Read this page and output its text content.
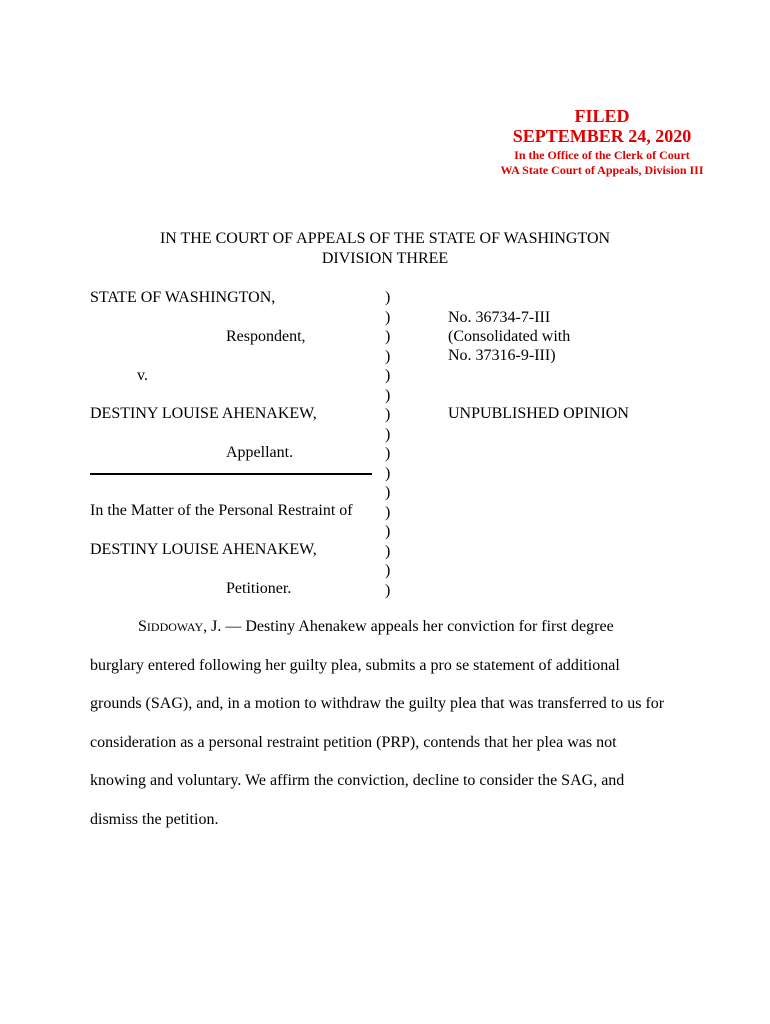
FILED
SEPTEMBER 24, 2020
In the Office of the Clerk of Court
WA State Court of Appeals, Division III
IN THE COURT OF APPEALS OF THE STATE OF WASHINGTON
DIVISION THREE
STATE OF WASHINGTON,
Respondent,
v.
DESTINY LOUISE AHENAKEW,
Appellant.
In the Matter of the Personal Restraint of
DESTINY LOUISE AHENAKEW,
Petitioner.
)
)
)
)
)
)
)
)
)
)
)
)
)
)
)
)
No. 36734-7-III
(Consolidated with
No. 37316-9-III)
UNPUBLISHED OPINION
SIDDOWAY, J. — Destiny Ahenakew appeals her conviction for first degree
burglary entered following her guilty plea, submits a pro se statement of additional
grounds (SAG), and, in a motion to withdraw the guilty plea that was transferred to us for
consideration as a personal restraint petition (PRP), contends that her plea was not
knowing and voluntary. We affirm the conviction, decline to consider the SAG, and
dismiss the petition.
